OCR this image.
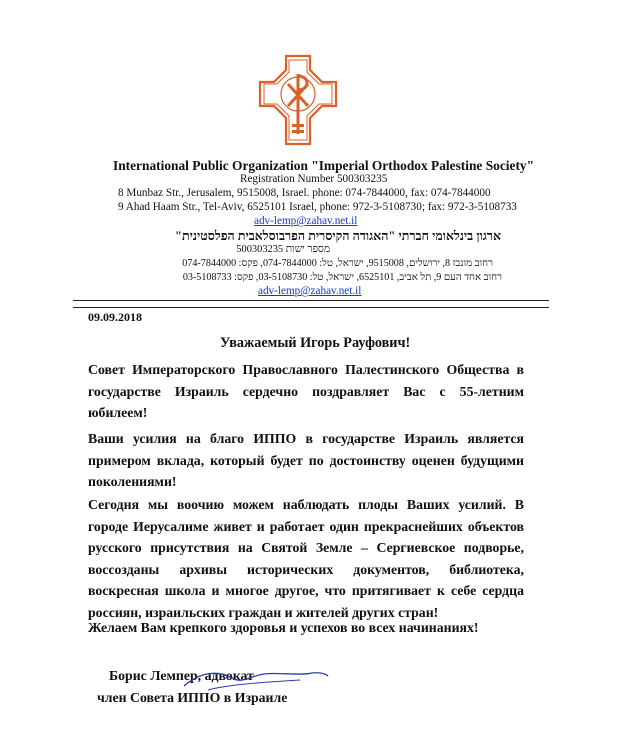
International Public Organization "Imperial Orthodox Palestine Society"
Registration Number 500303235
8 Munbaz Str., Jerusalem, 9515008, Israel. phone: 074-7844000, fax: 074-7844000
9 Ahad Haam Str., Tel-Aviv, 6525101 Israel, phone: 972-3-5108730; fax: 972-3-5108733
adv-lemp@zahav.net.il
ארגון בינלאומי חברתי "האגודה הקיסרית הפרבוסלאבית הפלסטינית"
מספר ישות 500303235
רחוב מונבז 8, ירושלים, 9515008, ישראל, טל: 074-7844000, פקס: 074-7844000
רחוב אחד העם 9, תל אביב, 6525101, ישראל, טל: 03-5108730, פקס: 03-5108733
adv-lemp@zahav.net.il
09.09.2018
Уважаемый Игорь Рауфович!
Совет Императорского Православного Палестинского Общества в
государстве Израиль сердечно поздравляет Вас с 55-летним
юбилеем!
Ваши усилия на благо ИППО в государстве Израиль является
примером вклада, который будет по достоинству оценен будущими
поколениями!
Сегодня мы воочию можем наблюдать плоды Ваших усилий. В
городе Иерусалиме живет и работает один прекраснейших объектов
русского присутствия на Святой Земле – Сергиевское подворье,
воссозданы архивы исторических документов, библиотека,
воскресная школа и многое другое, что притягивает к себе сердца
россиян, израильских граждан и жителей других стран!
Желаем Вам крепкого здоровья и успехов во всех начинаниях!
Борис Лемпер, адвокат
член Совета ИППО в Израиле
